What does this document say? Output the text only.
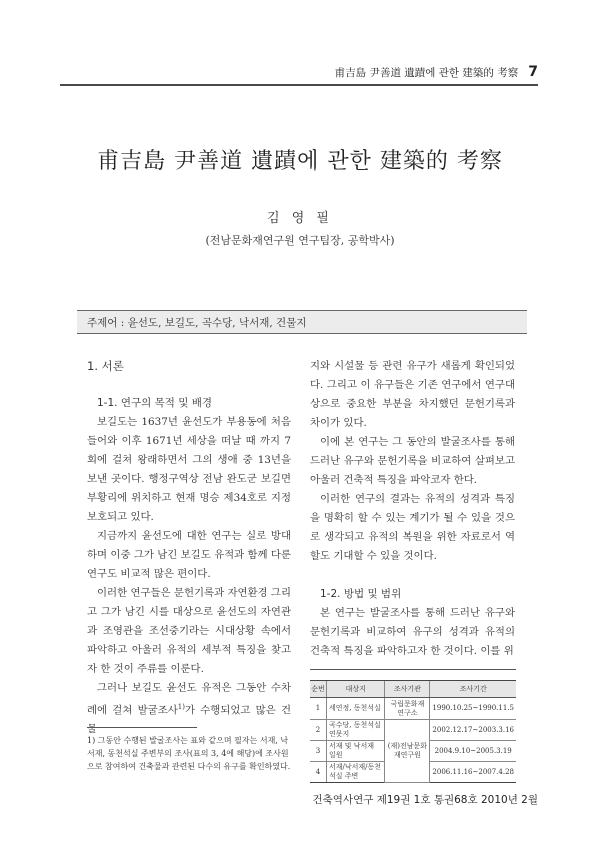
甫吉島 尹善道 遺蹟에 관한 建築的 考察 7
甫吉島 尹善道 遺蹟에 관한 建築的 考察
김 영 필
(전남문화재연구원 연구팀장, 공학박사)
주제어 : 윤선도, 보길도, 곡수당, 낙서재, 건물지
1. 서론
1-1. 연구의 목적 및 배경

보길도는 1637년 윤선도가 부용동에 처음 들어와 이후 1671년 세상을 떠날 때 까지 7회에 걸쳐 왕래하면서 그의 생애 중 13년을 보낸 곳이다. 행정구역상 전남 완도군 보길면 부황리에 위치하고 현재 명승 제34호로 지정보호되고 있다.

지금까지 윤선도에 대한 연구는 실로 방대하며 이중 그가 남긴 보길도 유적과 함께 다룬 연구도 비교적 많은 편이다.

이러한 연구들은 문헌기록과 자연환경 그리고 그가 남긴 시를 대상으로 윤선도의 자연관과 조영관을 조선중기라는 시대상황 속에서 파악하고 아울러 유적의 세부적 특징을 찾고자 한 것이 주류를 이룬다.

그러나 보길도 윤선도 유적은 그동안 수차례에 걸쳐 발굴조사$^{1)}$가 수행되었고 많은 건물

지와 시설물 등 관련 유구가 새롭게 확인되었다. 그리고 이 유구들은 기존 연구에서 연구대상으로 중요한 부분을 차지했던 문헌기록과 차이가 있다.

이에 본 연구는 그 동안의 발굴조사를 통해 드러난 유구와 문헌기록을 비교하여 살펴보고 아울러 건축적 특징을 파악코자 한다.

이러한 연구의 결과는 유적의 성격과 특징을 명확히 할 수 있는 계기가 될 수 있을 것으로 생각되고 유적의 복원을 위한 자료로서 역할도 기대할 수 있을 것이다.

1-2. 방법 및 범위

본 연구는 발굴조사를 통해 드러난 유구와 문헌기록과 비교하여 유구의 성격과 유적의 건축적 특징을 파악하고자 한 것이다. 이를 위

1) 그동안 수행된 발굴조사는 표와 같으며 필자는 서재, 낙서재, 동천석실 주변부의 조사(표의 3, 4에 해당)에 조사원으로 참여하여 건축물과 관련된 다수의 유구를 확인하였다.
순번	대상지	조사기관	조사기간
1	세연정, 동천석실	국립문화재연구소	1990.10.25~1990.11.5
2	곡수당, 동천석실 연못지	(재)전남문화재연구원	2002.12.17~2003.3.16
3	서재 및 낙서재 일원		2004.9.10~2005.3.19
4	서재/낙서재/동천석실 주변		2006.11.16~2007.4.28
건축역사연구 제19권 1호 통권68호 2010년 2월
